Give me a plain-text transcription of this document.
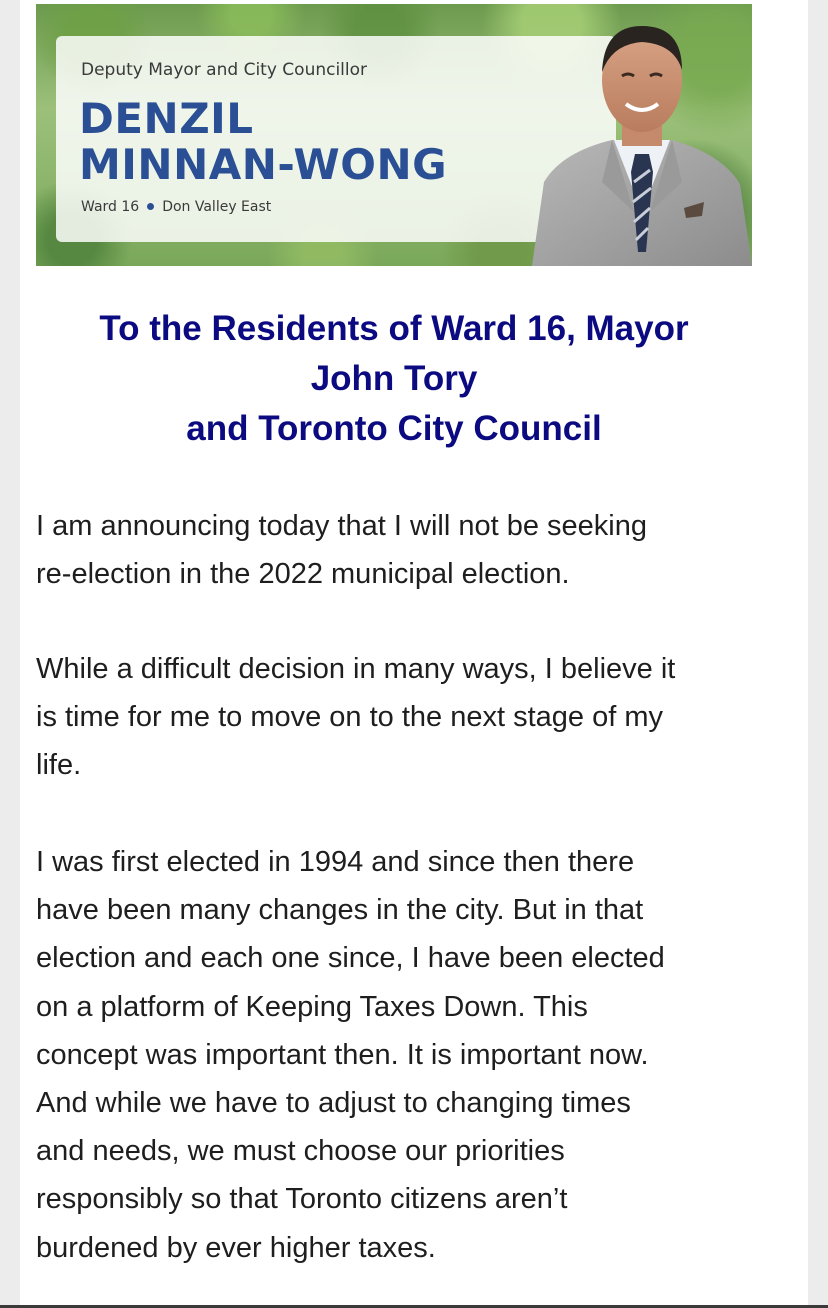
Deputy Mayor and City Councillor
DENZIL
MINNAN-WONG
Ward 16 Don Valley East
To the Residents of Ward 16, Mayor
John Tory
and Toronto City Council

I am announcing today that I will not be seeking
re-election in the 2022 municipal election.

While a difficult decision in many ways, I believe it
is time for me to move on to the next stage of my
life.

I was first elected in 1994 and since then there
have been many changes in the city. But in that
election and each one since, I have been elected
on a platform of Keeping Taxes Down. This
concept was important then. It is important now.
And while we have to adjust to changing times
and needs, we must choose our priorities
responsibly so that Toronto citizens aren’t
burdened by ever higher taxes.
